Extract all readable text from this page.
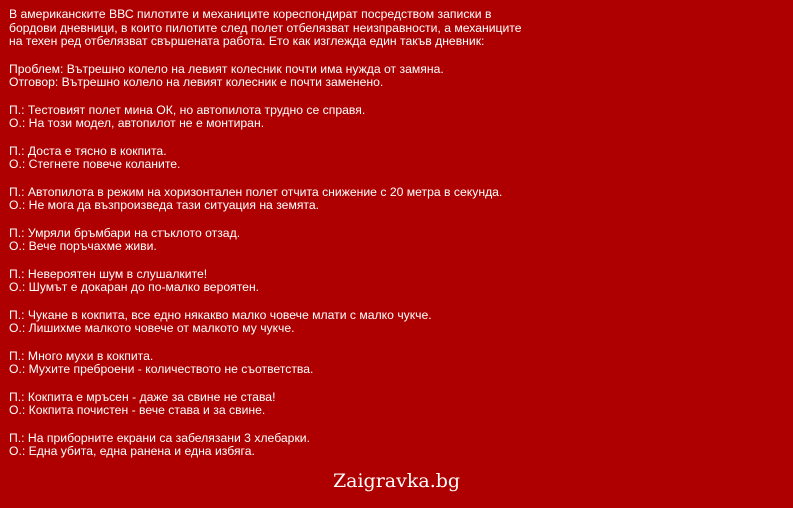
В американските ВВС пилотите и механиците кореспондират посредством записки в
бордови дневници, в които пилотите след полет отбелязват неизправности, а механиците
на техен ред отбелязват свършената работа. Ето как изглежда един такъв дневник:
Проблем: Вътрешно колело на левият колесник почти има нужда от замяна.
Отговор: Вътрешно колело на левият колесник е почти заменено.
П.: Тестовият полет мина ОК, но автопилота трудно се справя.
О.: На този модел, автопилот не е монтиран.
П.: Доста е тясно в кокпита.
О.: Стегнете повече коланите.
П.: Автопилота в режим на хоризонтален полет отчита снижение с 20 метра в секунда.
О.: Не мога да възпроизведа тази ситуация на земята.
П.: Умряли бръмбари на стъклото отзад.
О.: Вече поръчахме живи.
П.: Невероятен шум в слушалките!
О.: Шумът е докаран до по-малко вероятен.
П.: Чукане в кокпита, все едно някакво малко човече млати с малко чукче.
О.: Лишихме малкото човече от малкото му чукче.
П.: Много мухи в кокпита.
О.: Мухите преброени - количеството не съответства.
П.: Кокпита е мръсен - даже за свине не става!
О.: Кокпита почистен - вече става и за свине.
П.: На приборните екрани са забелязани 3 хлебарки.
О.: Една убита, една ранена и една избяга.
Zaigravka.bg
